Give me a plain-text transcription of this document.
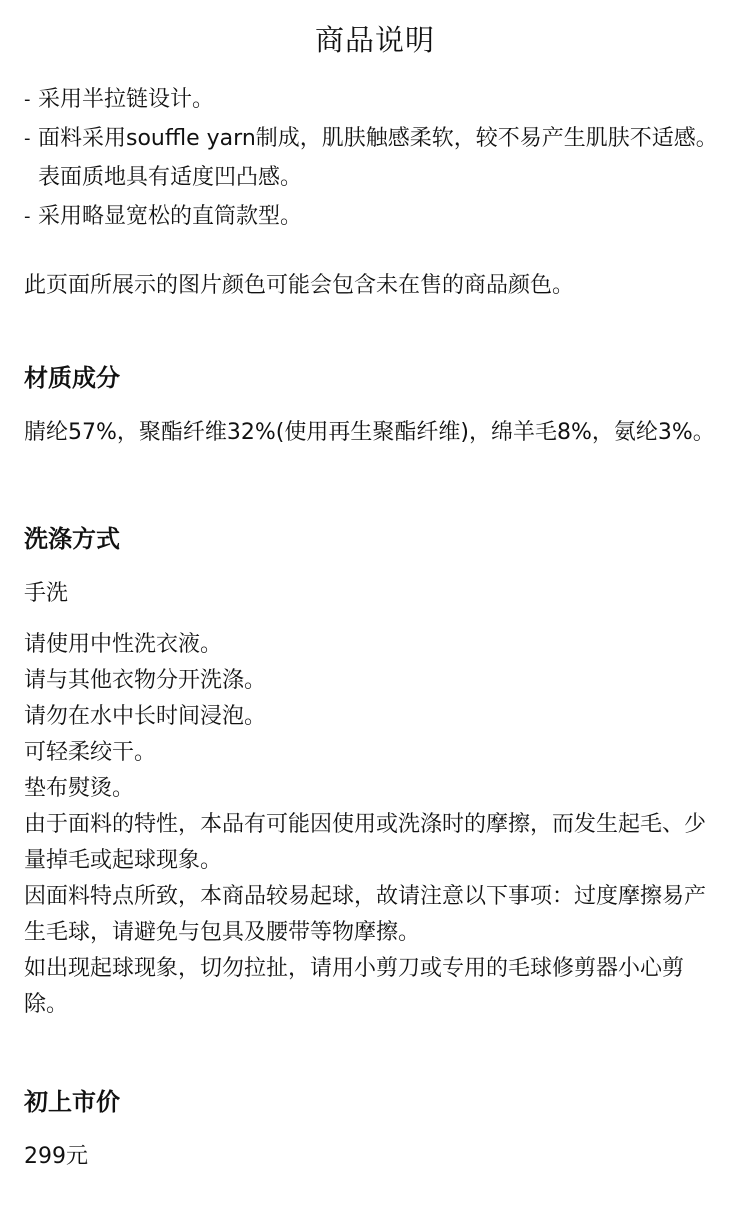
商品说明
- 采用半拉链设计。
- 面料采用souffle yarn制成，肌肤触感柔软，较不易产生肌肤不适感。表面质地具有适度凹凸感。
- 采用略显宽松的直筒款型。
此页面所展示的图片颜色可能会包含未在售的商品颜色。
材质成分
腈纶57%，聚酯纤维32%(使用再生聚酯纤维)，绵羊毛8%，氨纶3%。
洗涤方式
手洗
请使用中性洗衣液。
请与其他衣物分开洗涤。
请勿在水中长时间浸泡。
可轻柔绞干。
垫布熨烫。
由于面料的特性，本品有可能因使用或洗涤时的摩擦，而发生起毛、少量掉毛或起球现象。
因面料特点所致，本商品较易起球，故请注意以下事项：过度摩擦易产生毛球，请避免与包具及腰带等物摩擦。
如出现起球现象，切勿拉扯，请用小剪刀或专用的毛球修剪器小心剪除。
初上市价
299元
